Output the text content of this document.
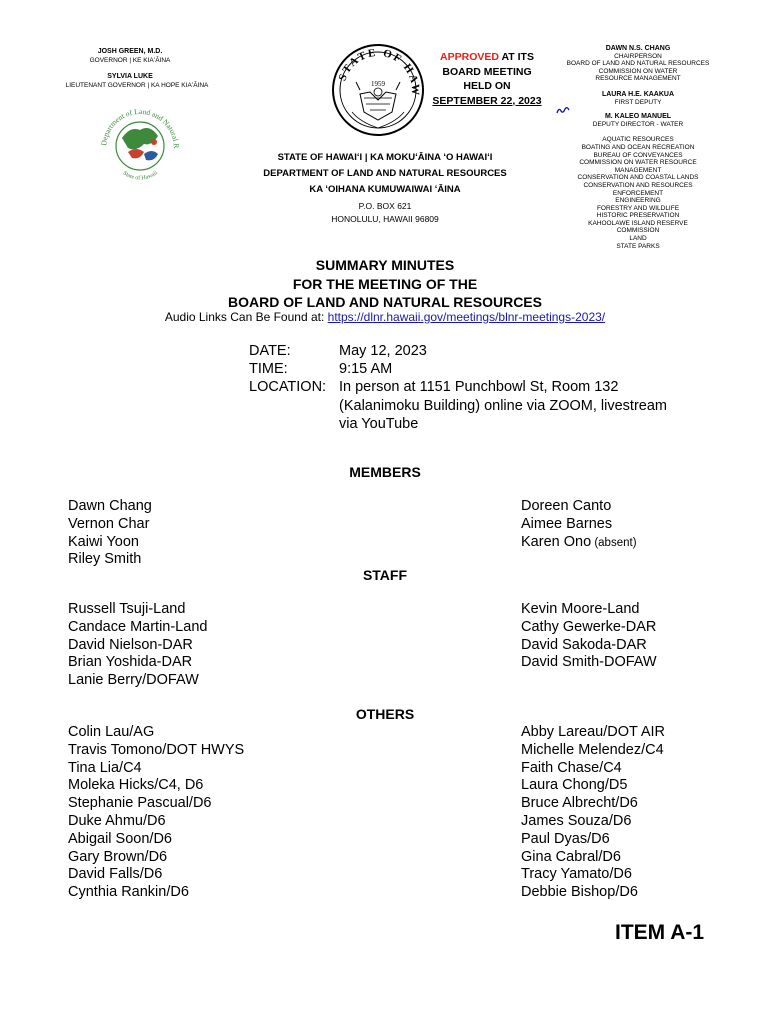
JOSH GREEN, M.D.
GOVERNOR | KE KIAʻĀINA
SYLVIA LUKE
LIEUTENANT GOVERNOR | KA HOPE KIAʻĀINA
Department of Land and Natural R
State of Hawaii
STATE OF HAW
1959
APPROVED AT ITS
BOARD MEETING
HELD ON
SEPTEMBER 22, 2023
DAWN N.S. CHANG
CHAIRPERSON
BOARD OF LAND AND NATURAL RESOURCES
COMMISSION ON WATER RESOURCE MANAGEMENT
LAURA H.E. KAAKUA
FIRST DEPUTY
M. KALEO MANUEL
DEPUTY DIRECTOR - WATER
AQUATIC RESOURCES
BOATING AND OCEAN RECREATION
BUREAU OF CONVEYANCES
COMMISSION ON WATER RESOURCE MANAGEMENT
CONSERVATION AND COASTAL LANDS
CONSERVATION AND RESOURCES ENFORCEMENT
ENGINEERING
FORESTRY AND WILDLIFE
HISTORIC PRESERVATION
KAHOOLAWE ISLAND RESERVE COMMISSION
LAND
STATE PARKS
STATE OF HAWAIʻI | KA MOKUʻĀINA ʻO HAWAIʻI
DEPARTMENT OF LAND AND NATURAL RESOURCES
KA ʻOIHANA KUMUWAIWAI ʻĀINA
P.O. BOX 621
HONOLULU, HAWAII 96809
SUMMARY MINUTES
FOR THE MEETING OF THE
BOARD OF LAND AND NATURAL RESOURCES
Audio Links Can Be Found at: https://dlnr.hawaii.gov/meetings/blnr-meetings-2023/
DATE:	May 12, 2023
TIME:	9:15 AM
LOCATION: In person at 1151 Punchbowl St, Room 132
(Kalanimoku Building) online via ZOOM, livestream
via YouTube
MEMBERS
Dawn Chang
Vernon Char
Kaiwi Yoon
Riley Smith
Doreen Canto
Aimee Barnes
Karen Ono (absent)
STAFF
Russell Tsuji-Land
Candace Martin-Land
David Nielson-DAR
Brian Yoshida-DAR
Lanie Berry/DOFAW
Kevin Moore-Land
Cathy Gewerke-DAR
David Sakoda-DAR
David Smith-DOFAW
OTHERS
Colin Lau/AG
Travis Tomono/DOT HWYS
Tina Lia/C4
Moleka Hicks/C4, D6
Stephanie Pascual/D6
Duke Ahmu/D6
Abigail Soon/D6
Gary Brown/D6
David Falls/D6
Cynthia Rankin/D6
Abby Lareau/DOT AIR
Michelle Melendez/C4
Faith Chase/C4
Laura Chong/D5
Bruce Albrecht/D6
James Souza/D6
Paul Dyas/D6
Gina Cabral/D6
Tracy Yamato/D6
Debbie Bishop/D6
ITEM A-1
